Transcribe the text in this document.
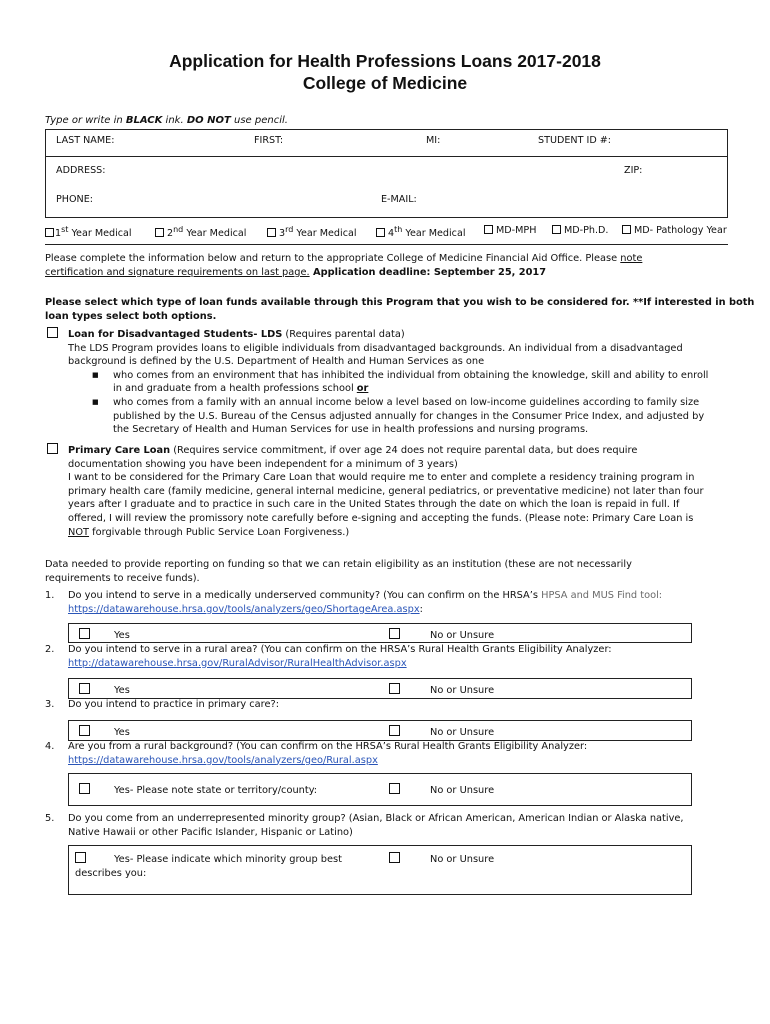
Application for Health Professions Loans 2017-2018
College of Medicine
Type or write in BLACK ink. DO NOT use pencil.
LAST NAME:	FIRST:	MI:	STUDENT ID #:
ADDRESS:	ZIP:
PHONE:	E-MAIL:
1st Year Medical	2nd Year Medical	3rd Year Medical	4th Year Medical	MD-MPH	MD-Ph.D.	MD- Pathology Year
Please complete the information below and return to the appropriate College of Medicine Financial Aid Office. Please note
certification and signature requirements on last page. Application deadline: September 25, 2017
Please select which type of loan funds available through this Program that you wish to be considered for. **If interested in both
loan types select both options.
Loan for Disadvantaged Students- LDS (Requires parental data)
The LDS Program provides loans to eligible individuals from disadvantaged backgrounds. An individual from a disadvantaged
background is defined by the U.S. Department of Health and Human Services as one
■ who comes from an environment that has inhibited the individual from obtaining the knowledge, skill and ability to enroll
in and graduate from a health professions school or
■ who comes from a family with an annual income below a level based on low-income guidelines according to family size
published by the U.S. Bureau of the Census adjusted annually for changes in the Consumer Price Index, and adjusted by
the Secretary of Health and Human Services for use in health professions and nursing programs.
Primary Care Loan (Requires service commitment, if over age 24 does not require parental data, but does require
documentation showing you have been independent for a minimum of 3 years)
I want to be considered for the Primary Care Loan that would require me to enter and complete a residency training program in
primary health care (family medicine, general internal medicine, general pediatrics, or preventative medicine) not later than four
years after I graduate and to practice in such care in the United States through the date on which the loan is repaid in full. If
offered, I will review the promissory note carefully before e-signing and accepting the funds. (Please note: Primary Care Loan is
NOT forgivable through Public Service Loan Forgiveness.)
Data needed to provide reporting on funding so that we can retain eligibility as an institution (these are not necessarily
requirements to receive funds).
1. Do you intend to serve in a medically underserved community? (You can confirm on the HRSA’s HPSA and MUS Find tool:
https://datawarehouse.hrsa.gov/tools/analyzers/geo/ShortageArea.aspx:
Yes	No or Unsure
2. Do you intend to serve in a rural area? (You can confirm on the HRSA’s Rural Health Grants Eligibility Analyzer:
http://datawarehouse.hrsa.gov/RuralAdvisor/RuralHealthAdvisor.aspx
Yes	No or Unsure
3. Do you intend to practice in primary care?:
Yes	No or Unsure
4. Are you from a rural background? (You can confirm on the HRSA’s Rural Health Grants Eligibility Analyzer:
https://datawarehouse.hrsa.gov/tools/analyzers/geo/Rural.aspx
Yes- Please note state or territory/county:	No or Unsure
5. Do you come from an underrepresented minority group? (Asian, Black or African American, American Indian or Alaska native,
Native Hawaii or other Pacific Islander, Hispanic or Latino)
Yes- Please indicate which minority group best
describes you:
No or Unsure
